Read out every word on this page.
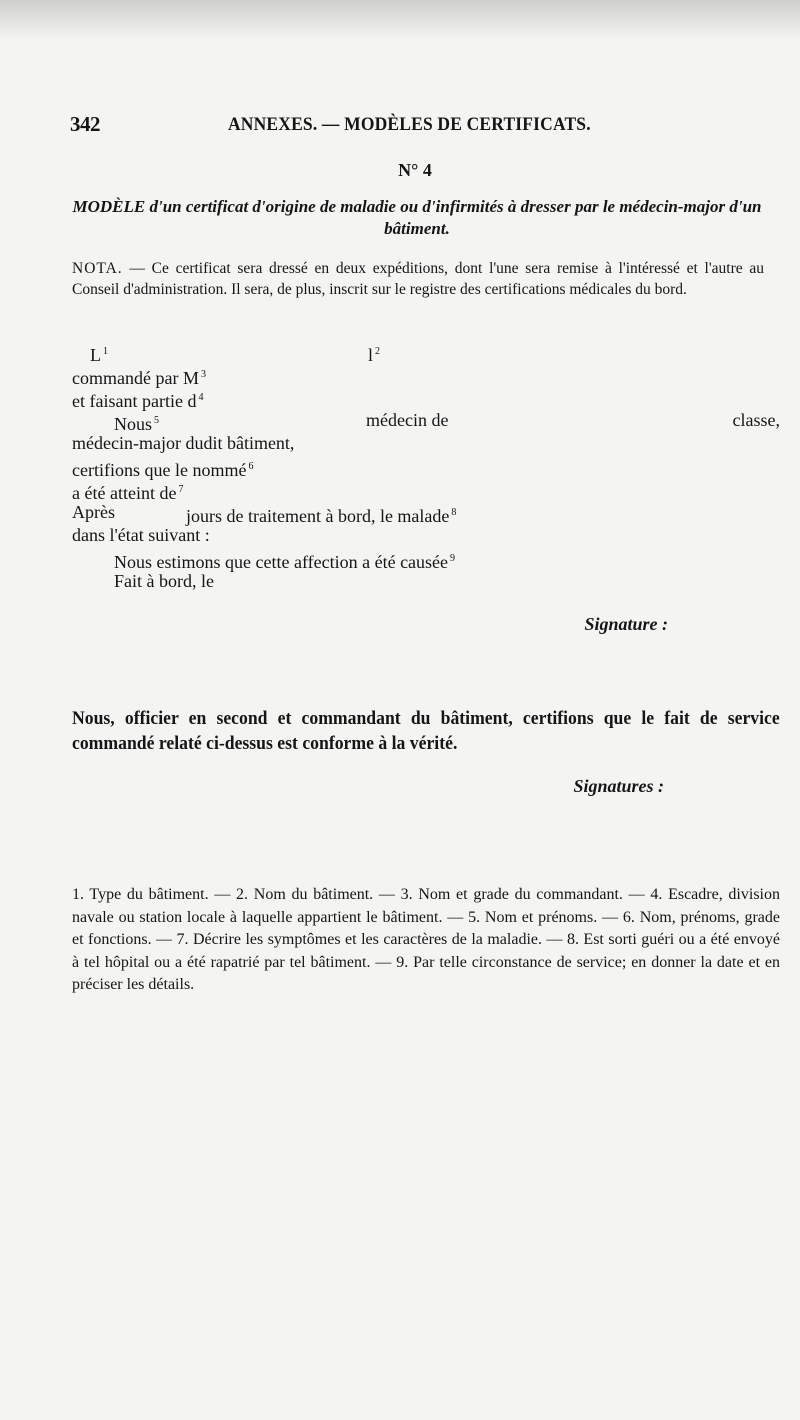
342	ANNEXES. — MODÈLES DE CERTIFICATS.
N° 4
MODÈLE d'un certificat d'origine de maladie ou d'infirmités à dresser par le médecin-major d'un bâtiment.
NOTA. — Ce certificat sera dressé en deux expéditions, dont l'une sera remise à l'intéressé et l'autre au Conseil d'administration. Il sera, de plus, inscrit sur le registre des certifications médicales du bord.
L $^1$	l $^2$
commandé par M $^3$
et faisant partie d $^4$
Nous $^5$	médecin de	classe,
médecin-major dudit bâtiment,
certifions que le nommé $^6$
a été atteint de $^7$
Après	jours de traitement à bord, le malade $^8$
dans l'état suivant :
Nous estimons que cette affection a été causée $^9$
Fait à bord, le
Signature :
Nous, officier en second et commandant du bâtiment, certifions que le fait de service commandé relaté ci-dessus est conforme à la vérité.
Signatures :
1. Type du bâtiment. — 2. Nom du bâtiment. — 3. Nom et grade du commandant. — 4. Escadre, division navale ou station locale à laquelle appartient le bâtiment. — 5. Nom et prénoms. — 6. Nom, prénoms, grade et fonctions. — 7. Décrire les symptômes et les caractères de la maladie. — 8. Est sorti guéri ou a été envoyé à tel hôpital ou a été rapatrié par tel bâtiment. — 9. Par telle circonstance de service; en donner la date et en préciser les détails.
